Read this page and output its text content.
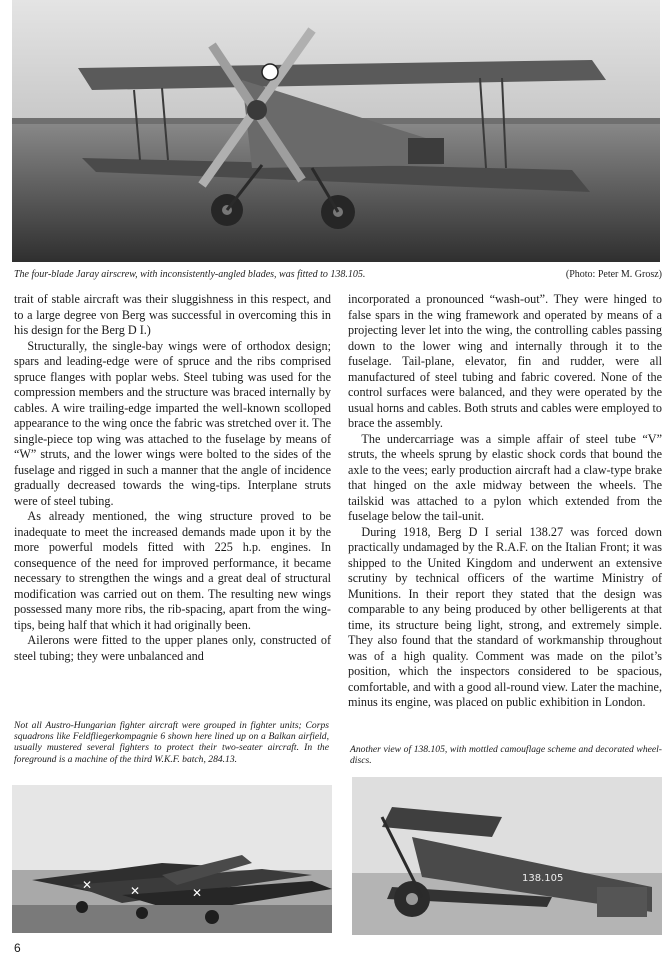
The four-blade Jaray airscrew, with inconsistently-angled blades, was fitted to 138.105.	(Photo: Peter M. Grosz)

trait of stable aircraft was their sluggishness in this respect, and to a large degree von Berg was successful in overcoming this in his design for the Berg D I.)

Structurally, the single-bay wings were of orthodox design; spars and leading-edge were of spruce and the ribs comprised spruce flanges with poplar webs. Steel tubing was used for the compression members and the structure was braced internally by cables. A wire trailing-edge imparted the well-known scolloped appearance to the wing once the fabric was stretched over it. The single-piece top wing was attached to the fuselage by means of “W” struts, and the lower wings were bolted to the sides of the fuselage and rigged in such a manner that the angle of incidence gradually decreased towards the wing-tips. Interplane struts were of steel tubing.

As already mentioned, the wing structure proved to be inadequate to meet the increased demands made upon it by the more powerful models fitted with 225 h.p. engines. In consequence of the need for improved performance, it became necessary to strengthen the wings and a great deal of structural modification was carried out on them. The resulting new wings possessed many more ribs, the rib-spacing, apart from the wing-tips, being half that which it had originally been.

Ailerons were fitted to the upper planes only, constructed of steel tubing; they were unbalanced and

incorporated a pronounced “wash-out”. They were hinged to false spars in the wing framework and operated by means of a projecting lever let into the wing, the controlling cables passing down to the lower wing and internally through it to the fuselage. Tail-plane, elevator, fin and rudder, were all manufactured of steel tubing and fabric covered. None of the control surfaces were balanced, and they were operated by the usual horns and cables. Both struts and cables were employed to brace the assembly.

The undercarriage was a simple affair of steel tube “V” struts, the wheels sprung by elastic shock cords that bound the axle to the vees; early production aircraft had a claw-type brake that hinged on the axle midway between the wheels. The tailskid was attached to a pylon which extended from the fuselage below the tail-unit.

During 1918, Berg D I serial 138.27 was forced down practically undamaged by the R.A.F. on the Italian Front; it was shipped to the United Kingdom and underwent an extensive scrutiny by technical officers of the wartime Ministry of Munitions. In their report they stated that the design was comparable to any being produced by other belligerents at that time, its structure being light, strong, and extremely simple. They also found that the standard of workmanship throughout was of a high quality. Comment was made on the pilot’s position, which the inspectors considered to be spacious, comfortable, and with a good all-round view. Later the machine, minus its engine, was placed on public exhibition in London.

Not all Austro-Hungarian fighter aircraft were grouped in fighter units; Corps squadrons like Feldfliegerkompagnie 6 shown here lined up on a Balkan airfield, usually mustered several fighters to protect their two-seater aircraft. In the foreground is a machine of the third W.K.F. batch, 284.13.
✕	✕	✕
Another view of 138.105, with mottled camouflage scheme and decorated wheel-discs.
138.105
6
